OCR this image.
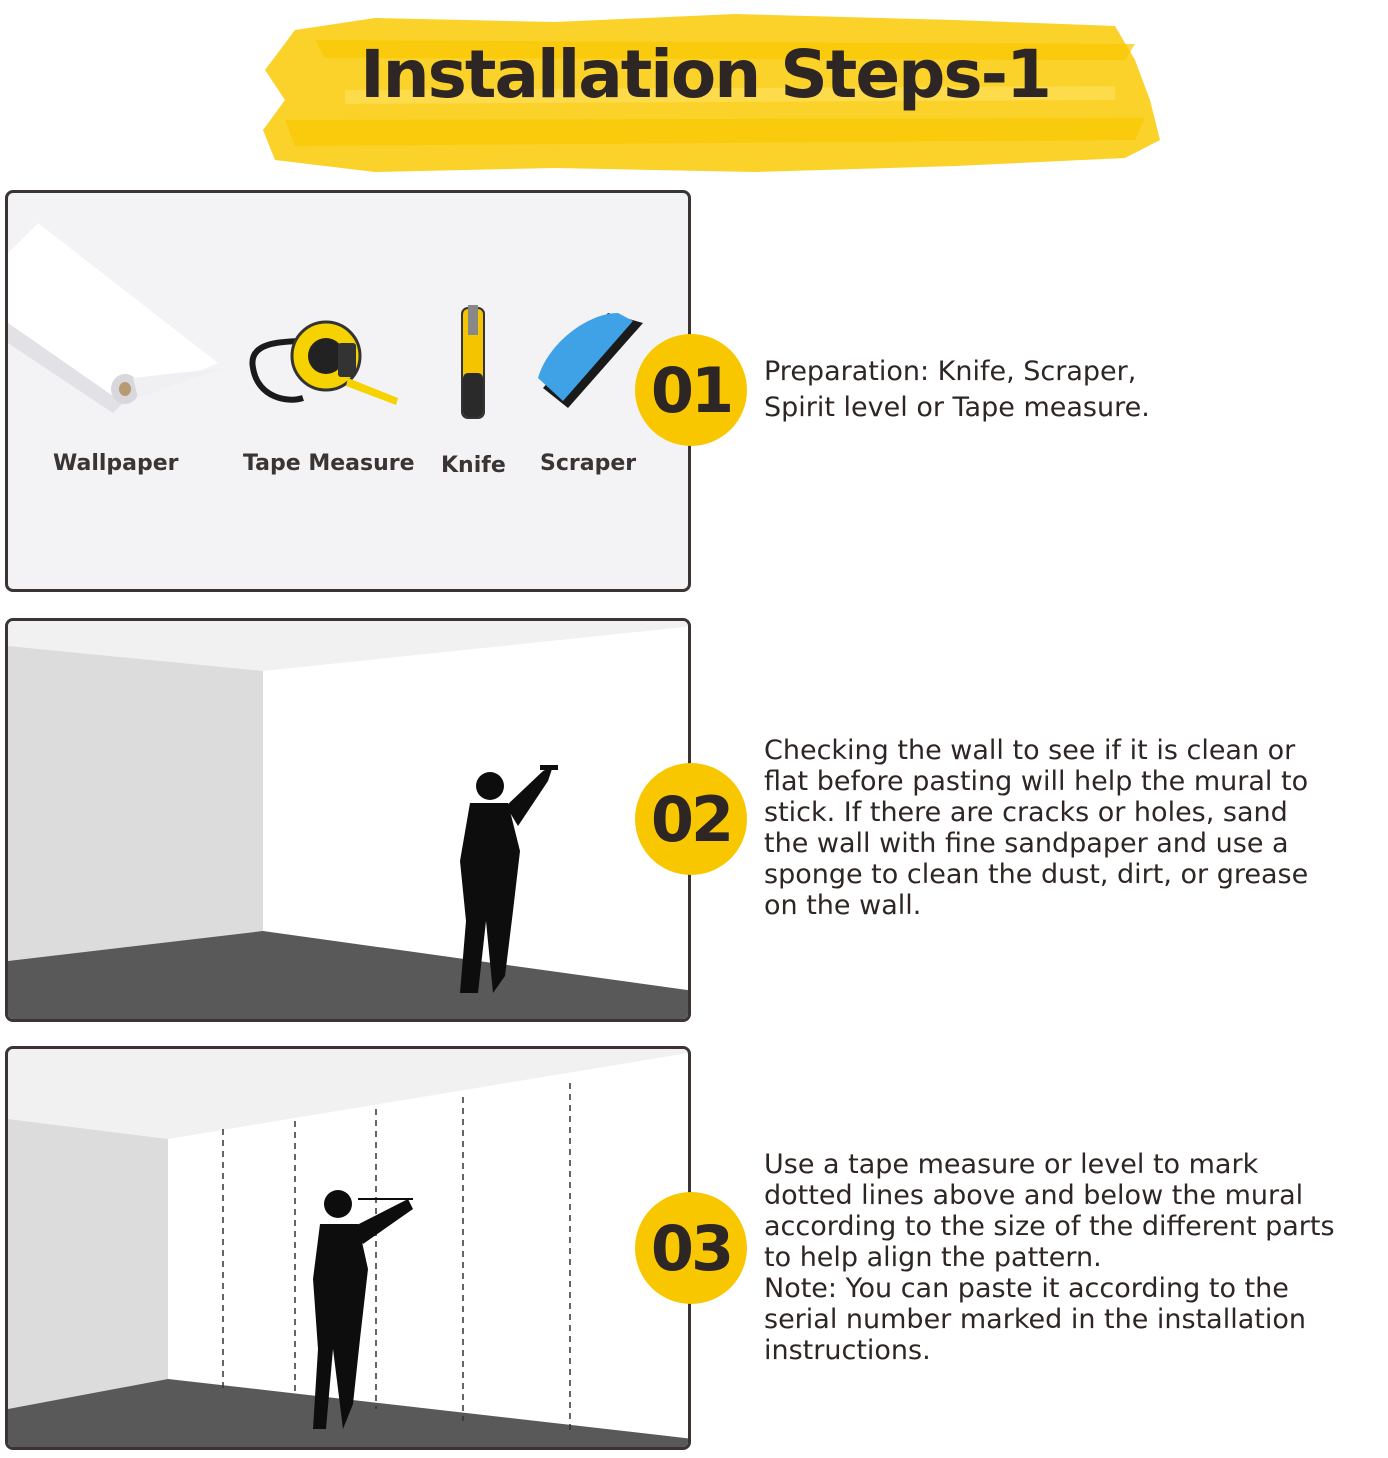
Installation Steps-1
Wallpaper	Tape Measure Knife Scraper
01
02
03

Preparation: Knife, Scraper,

Spirit level or Tape measure.

Checking the wall to see if it is clean or

flat before pasting will help the mural to

stick. If there are cracks or holes, sand

the wall with fine sandpaper and use a

sponge to clean the dust, dirt, or grease

on the wall.

Use a tape measure or level to mark

dotted lines above and below the mural

according to the size of the different parts

to help align the pattern.

Note: You can paste it according to the

serial number marked in the installation

instructions.
